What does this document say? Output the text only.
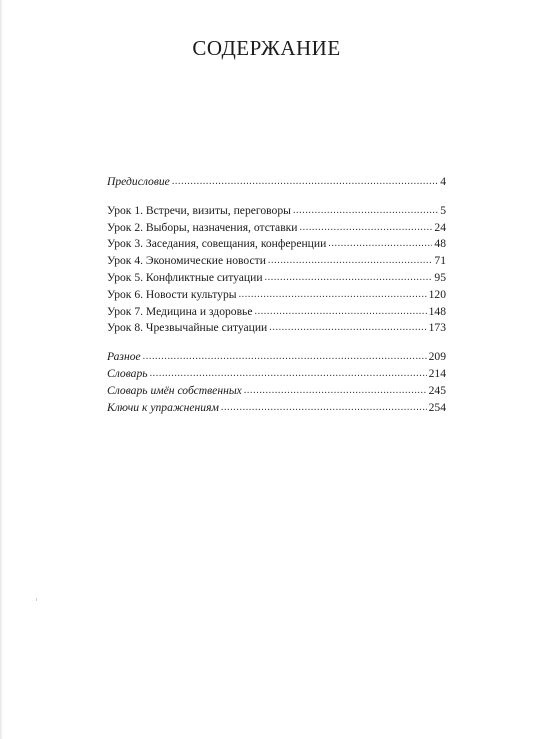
СОДЕРЖАНИЕ
Предисловие .....	4
Урок 1. Встречи, визиты, переговоры .....	5
Урок 2. Выборы, назначения, отставки .....	24
Урок 3. Заседания, совещания, конференции .....	48
Урок 4. Экономические новости .....	71
Урок 5. Конфликтные ситуации .....	95
Урок 6. Новости культуры .....	120
Урок 7. Медицина и здоровье .....	148
Урок 8. Чрезвычайные ситуации .....	173
Разное .....	209
Словарь .....	214
Словарь имён собственных .....	245
Ключи к упражнениям .....	254
